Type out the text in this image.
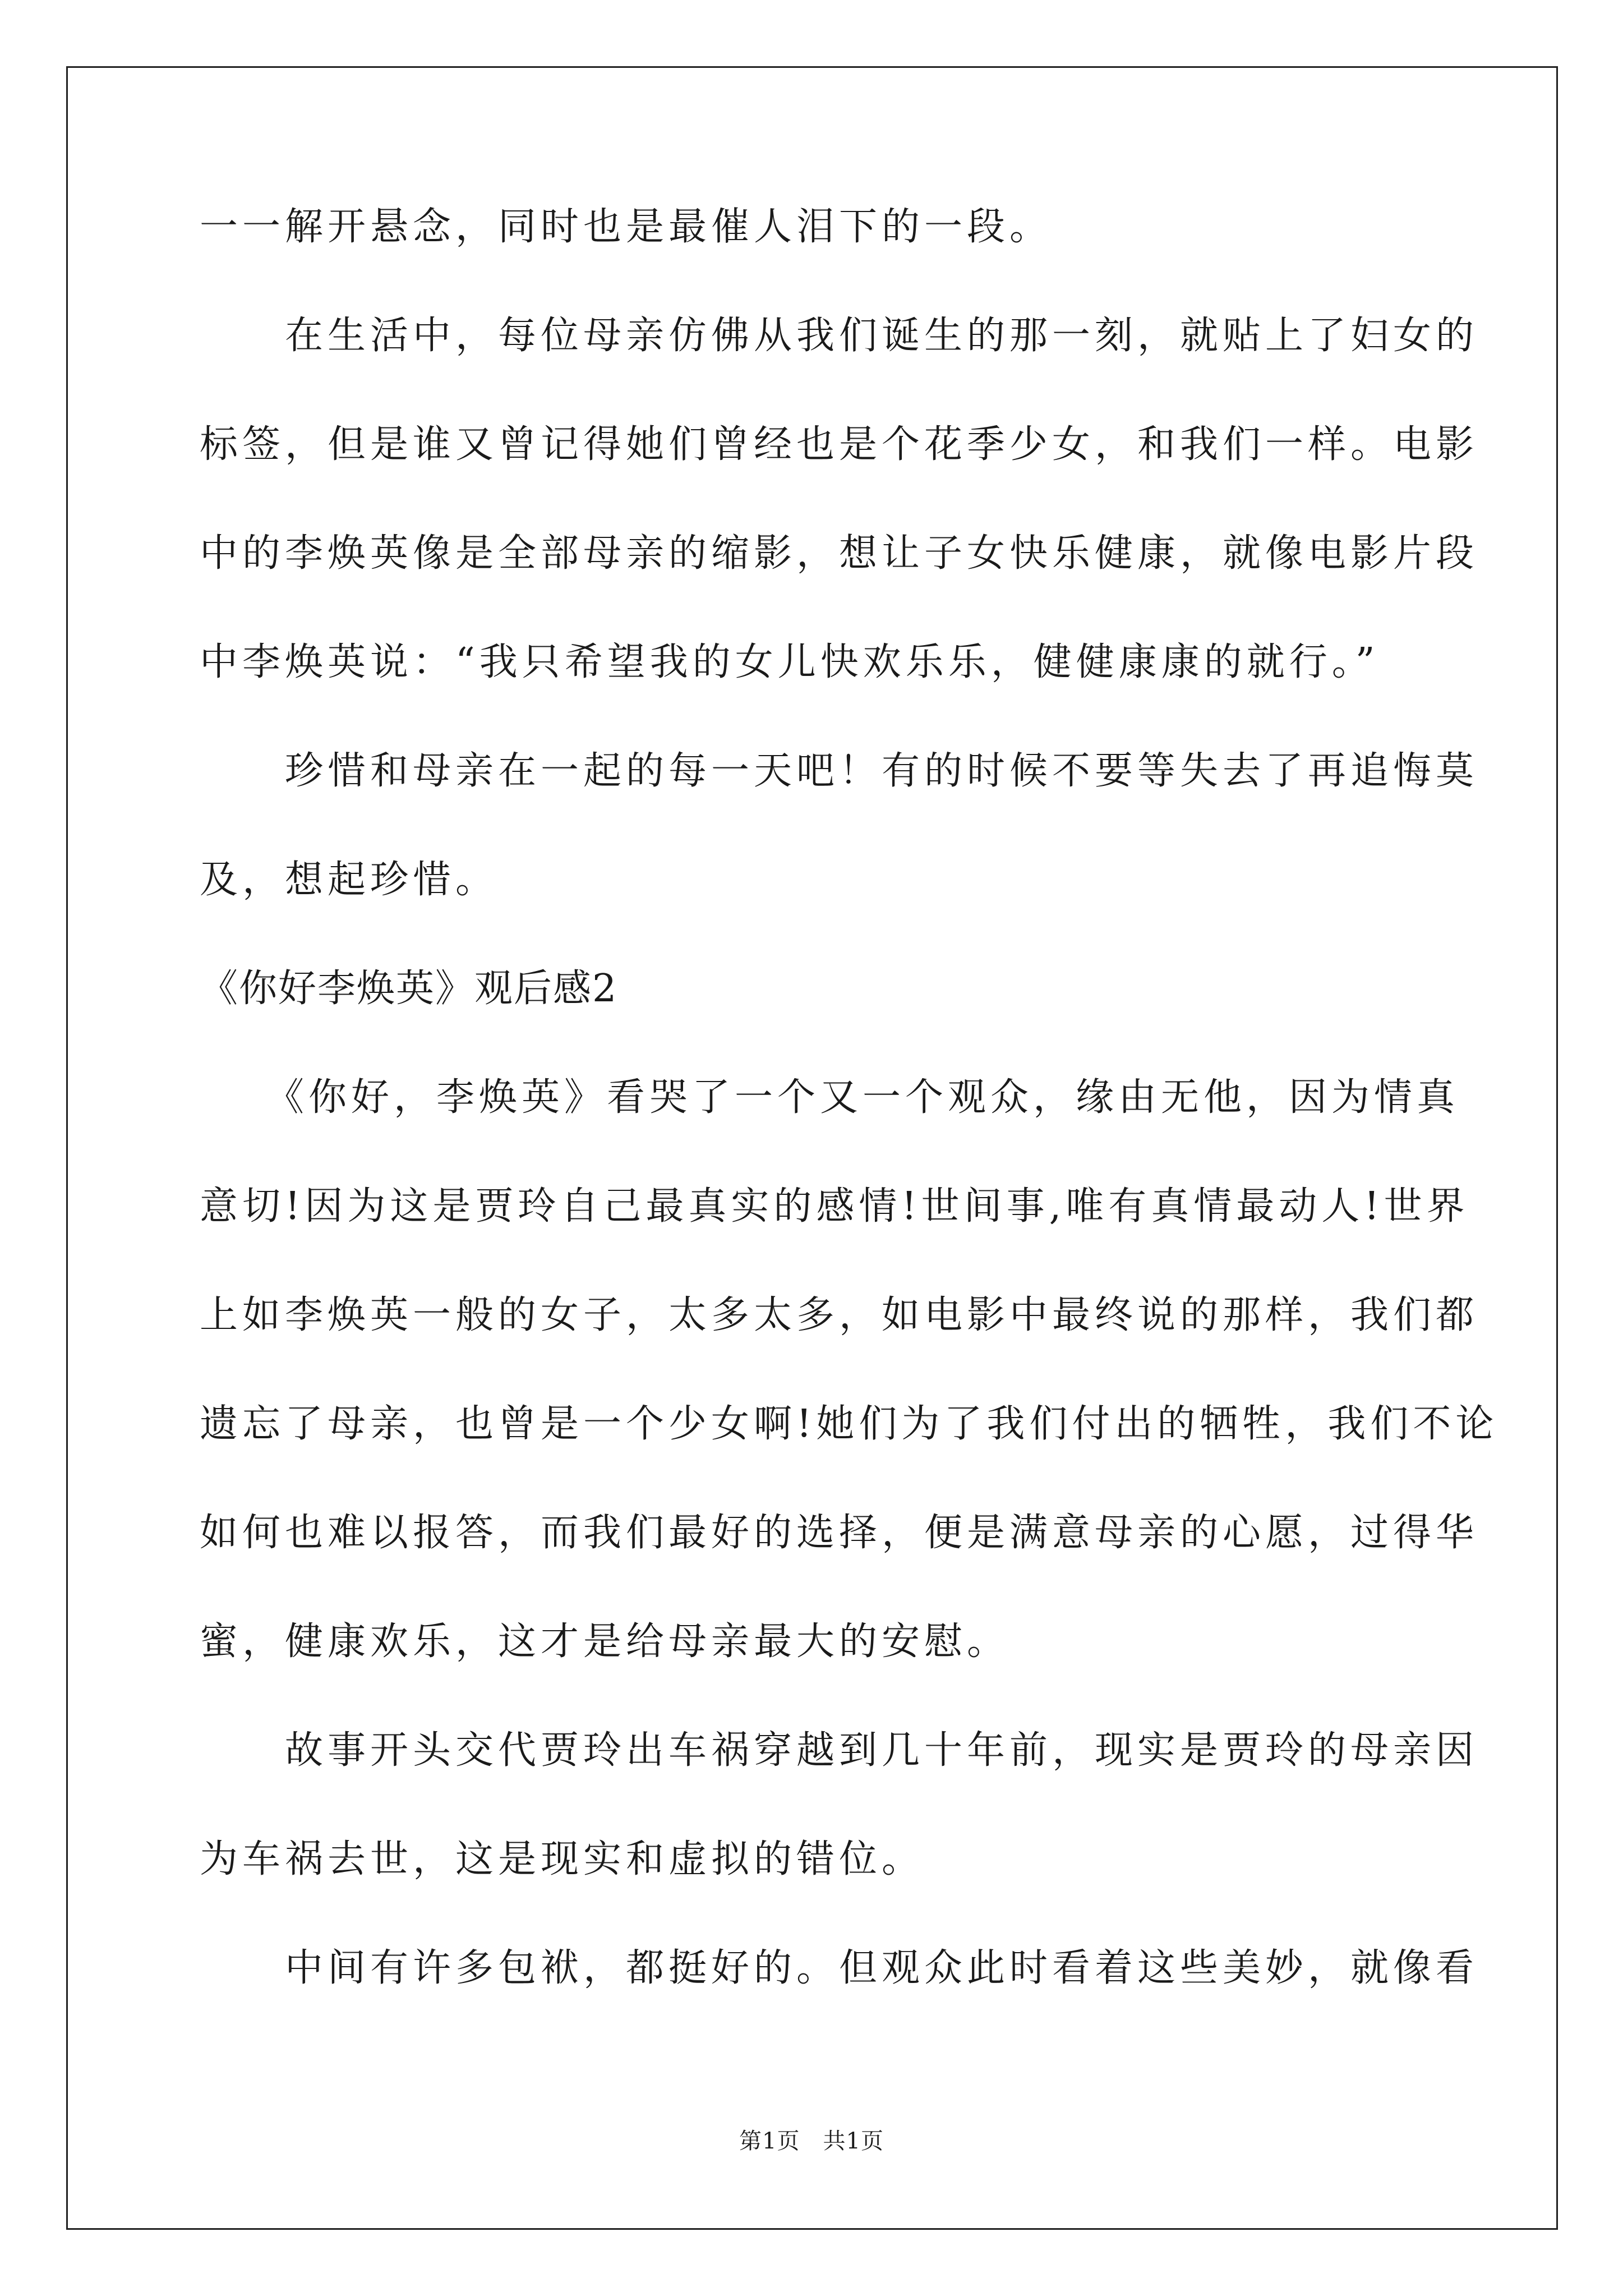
一一解开悬念，同时也是最催人泪下的一段。
　　在生活中，每位母亲仿佛从我们诞生的那一刻，就贴上了妇女的
标签，但是谁又曾记得她们曾经也是个花季少女，和我们一样。电影
中的李焕英像是全部母亲的缩影，想让子女快乐健康，就像电影片段
中李焕英说：“我只希望我的女儿快欢乐乐，健健康康的就行。”
　　珍惜和母亲在一起的每一天吧！有的时候不要等失去了再追悔莫
及，想起珍惜。
《你好李焕英》观后感2
　　《你好，李焕英》看哭了一个又一个观众，缘由无他，因为情真
意切!因为这是贾玲自己最真实的感情!世间事,唯有真情最动人!世界
上如李焕英一般的女子，太多太多，如电影中最终说的那样，我们都
遗忘了母亲，也曾是一个少女啊!她们为了我们付出的牺牲，我们不论
如何也难以报答，而我们最好的选择，便是满意母亲的心愿，过得华
蜜，健康欢乐，这才是给母亲最大的安慰。
　　故事开头交代贾玲出车祸穿越到几十年前，现实是贾玲的母亲因
为车祸去世，这是现实和虚拟的错位。
　　中间有许多包袱，都挺好的。但观众此时看着这些美妙，就像看
第1页　共1页
